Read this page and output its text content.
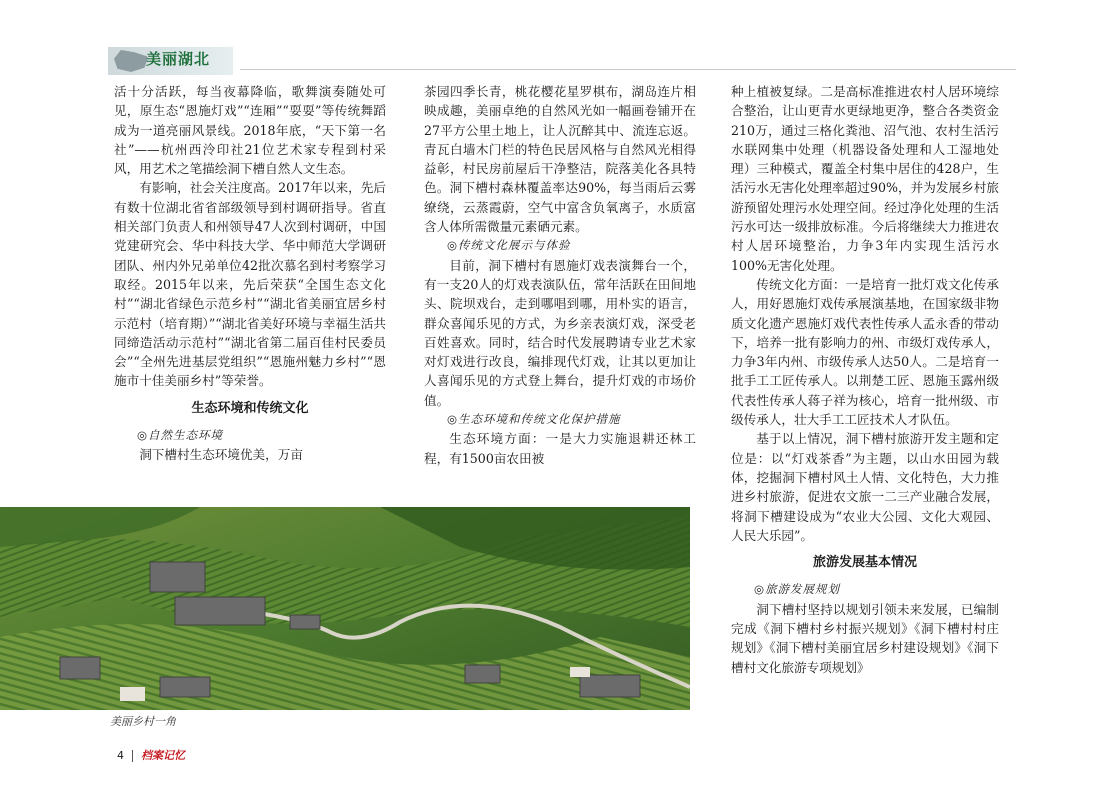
美丽湖北

活十分活跃，每当夜幕降临，歌舞演奏随处可见，原生态“恩施灯戏”“连厢”“耍耍”等传统舞蹈成为一道亮丽风景线。2018年底，“天下第一名社”——杭州西泠印社21位艺术家专程到村采风，用艺术之笔描绘洞下槽自然人文生态。

有影响，社会关注度高。2017年以来，先后有数十位湖北省省部级领导到村调研指导。省直相关部门负责人和州领导47人次到村调研，中国党建研究会、华中科技大学、华中师范大学调研团队、州内外兄弟单位42批次慕名到村考察学习取经。2015年以来，先后荣获“全国生态文化村”“湖北省绿色示范乡村”“湖北省美丽宜居乡村示范村（培育期）”“湖北省美好环境与幸福生活共同缔造活动示范村”“湖北省第二届百佳村民委员会”“全州先进基层党组织”“恩施州魅力乡村”“恩施市十佳美丽乡村”等荣誉。

生态环境和传统文化

◎自然生态环境

洞下槽村生态环境优美，万亩

茶园四季长青，桃花樱花星罗棋布，湖岛连片相映成趣，美丽卓绝的自然风光如一幅画卷铺开在27平方公里土地上，让人沉醉其中、流连忘返。青瓦白墙木门栏的特色民居风格与自然风光相得益彰，村民房前屋后干净整洁，院落美化各具特色。洞下槽村森林覆盖率达90%，每当雨后云雾缭绕，云蒸霞蔚，空气中富含负氧离子，水质富含人体所需微量元素硒元素。

◎传统文化展示与体验

目前，洞下槽村有恩施灯戏表演舞台一个，有一支20人的灯戏表演队伍，常年活跃在田间地头、院坝戏台，走到哪唱到哪，用朴实的语言，群众喜闻乐见的方式，为乡亲表演灯戏，深受老百姓喜欢。同时，结合时代发展聘请专业艺术家对灯戏进行改良，编排现代灯戏，让其以更加让人喜闻乐见的方式登上舞台，提升灯戏的市场价值。

◎生态环境和传统文化保护措施

生态环境方面：一是大力实施退耕还林工程，有1500亩农田被

种上植被复绿。二是高标准推进农村人居环境综合整治，让山更青水更绿地更净，整合各类资金210万，通过三格化粪池、沼气池、农村生活污水联网集中处理（机器设备处理和人工湿地处理）三种模式，覆盖全村集中居住的428户，生活污水无害化处理率超过90%，并为发展乡村旅游预留处理污水处理空间。经过净化处理的生活污水可达一级排放标准。今后将继续大力推进农村人居环境整治，力争3年内实现生活污水100%无害化处理。

传统文化方面：一是培育一批灯戏文化传承人，用好恩施灯戏传承展演基地，在国家级非物质文化遗产恩施灯戏代表性传承人孟永香的带动下，培养一批有影响力的州、市级灯戏传承人，力争3年内州、市级传承人达50人。二是培育一批手工工匠传承人。以荆楚工匠、恩施玉露州级代表性传承人蒋子祥为核心，培育一批州级、市级传承人，壮大手工工匠技术人才队伍。

基于以上情况，洞下槽村旅游开发主题和定位是：以“灯戏茶香”为主题，以山水田园为载体，挖掘洞下槽村风土人情、文化特色，大力推进乡村旅游，促进农文旅一二三产业融合发展，将洞下槽建设成为“农业大公园、文化大观园、人民大乐园”。

旅游发展基本情况

◎旅游发展规划

洞下槽村坚持以规划引领未来发展，已编制完成《洞下槽村乡村振兴规划》《洞下槽村村庄规划》《洞下槽村美丽宜居乡村建设规划》《洞下槽村文化旅游专项规划》

美丽乡村一角
4 档案记忆
